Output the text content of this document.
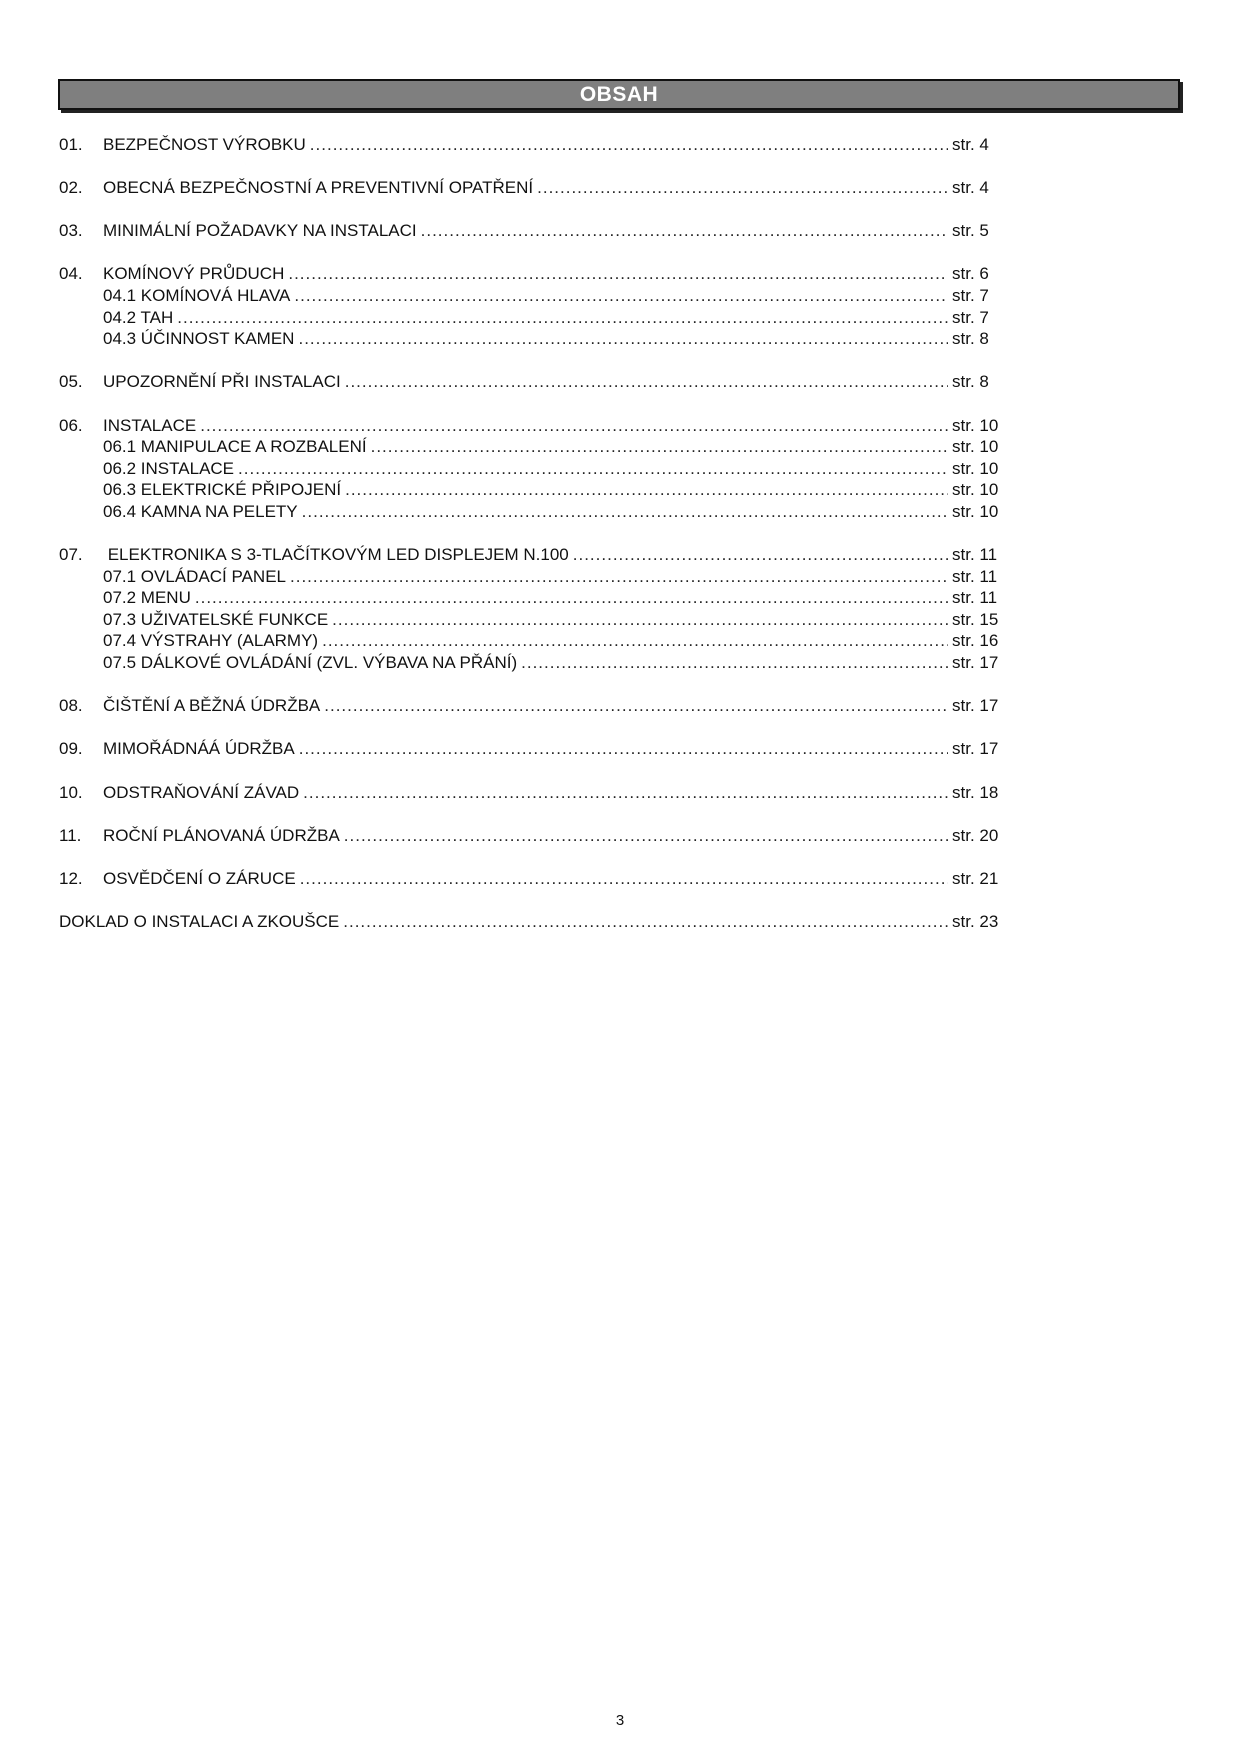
OBSAH
01.	BEZPEČNOST VÝROBKU .....	str. 4
02.	OBECNÁ BEZPEČNOSTNÍ A PREVENTIVNÍ OPATŘENÍ .....	str. 4
03.	MINIMÁLNÍ POŽADAVKY NA INSTALACI .....	str. 5
04.	KOMÍNOVÝ PRŮDUCH .....	str. 6
04.1 KOMÍNOVÁ HLAVA .....	str. 7
04.2 TAH .....	str. 7
04.3 ÚČINNOST KAMEN .....	str. 8
05.	UPOZORNĚNÍ PŘI INSTALACI .....	str. 8
06.	INSTALACE .....	str. 10
06.1 MANIPULACE A ROZBALENÍ .....	str. 10
06.2 INSTALACE .....	str. 10
06.3 ELEKTRICKÉ PŘIPOJENÍ .....	str. 10
06.4 KAMNA NA PELETY .....	str. 10
07.	ELEKTRONIKA S 3-TLAČÍTKOVÝM LED DISPLEJEM N.100 .....	str. 11
07.1 OVLÁDACÍ PANEL .....	str. 11
07.2 MENU .....	str. 11
07.3 UŽIVATELSKÉ FUNKCE .....	str. 15
07.4 VÝSTRAHY (ALARMY) .....	str. 16
07.5 DÁLKOVÉ OVLÁDÁNÍ (ZVL. VÝBAVA NA PŘÁNÍ) .....	str. 17
08.	ČIŠTĚNÍ A BĚŽNÁ ÚDRŽBA .....	str. 17
09.	MIMOŘÁDNÁÁ ÚDRŽBA .....	str. 17
10.	ODSTRAŇOVÁNÍ ZÁVAD .....	str. 18
11.	ROČNÍ PLÁNOVANÁ ÚDRŽBA .....	str. 20
12.	OSVĚDČENÍ O ZÁRUCE .....	str. 21
DOKLAD O INSTALACI A ZKOUŠCE .....	str. 23
3
